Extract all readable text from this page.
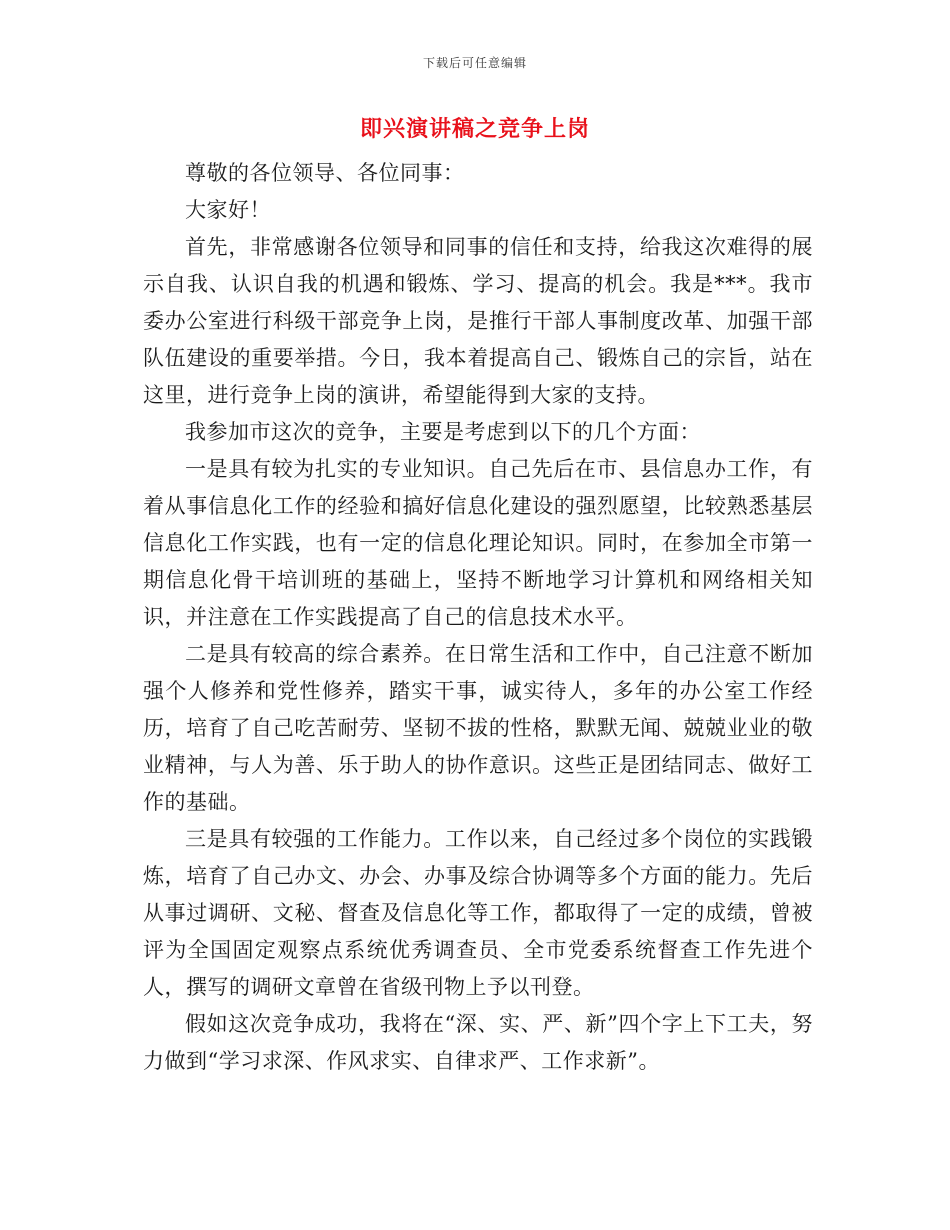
下载后可任意编辑
即兴演讲稿之竞争上岗

尊敬的各位领导、各位同事：

大家好！

首先，非常感谢各位领导和同事的信任和支持，给我这次难得的展示自我、认识自我的机遇和锻炼、学习、提高的机会。我是***。我市委办公室进行科级干部竞争上岗，是推行干部人事制度改革、加强干部队伍建设的重要举措。今日，我本着提高自己、锻炼自己的宗旨，站在这里，进行竞争上岗的演讲，希望能得到大家的支持。

我参加市这次的竞争，主要是考虑到以下的几个方面：

一是具有较为扎实的专业知识。自己先后在市、县信息办工作，有着从事信息化工作的经验和搞好信息化建设的强烈愿望，比较熟悉基层信息化工作实践，也有一定的信息化理论知识。同时，在参加全市第一期信息化骨干培训班的基础上，坚持不断地学习计算机和网络相关知识，并注意在工作实践提高了自己的信息技术水平。

二是具有较高的综合素养。在日常生活和工作中，自己注意不断加强个人修养和党性修养，踏实干事，诚实待人，多年的办公室工作经历，培育了自己吃苦耐劳、坚韧不拔的性格，默默无闻、兢兢业业的敬业精神，与人为善、乐于助人的协作意识。这些正是团结同志、做好工作的基础。

三是具有较强的工作能力。工作以来，自己经过多个岗位的实践锻炼，培育了自己办文、办会、办事及综合协调等多个方面的能力。先后从事过调研、文秘、督查及信息化等工作，都取得了一定的成绩，曾被评为全国固定观察点系统优秀调查员、全市党委系统督查工作先进个人，撰写的调研文章曾在省级刊物上予以刊登。

假如这次竞争成功，我将在“深、实、严、新”四个字上下工夫，努力做到“学习求深、作风求实、自律求严、工作求新”。
